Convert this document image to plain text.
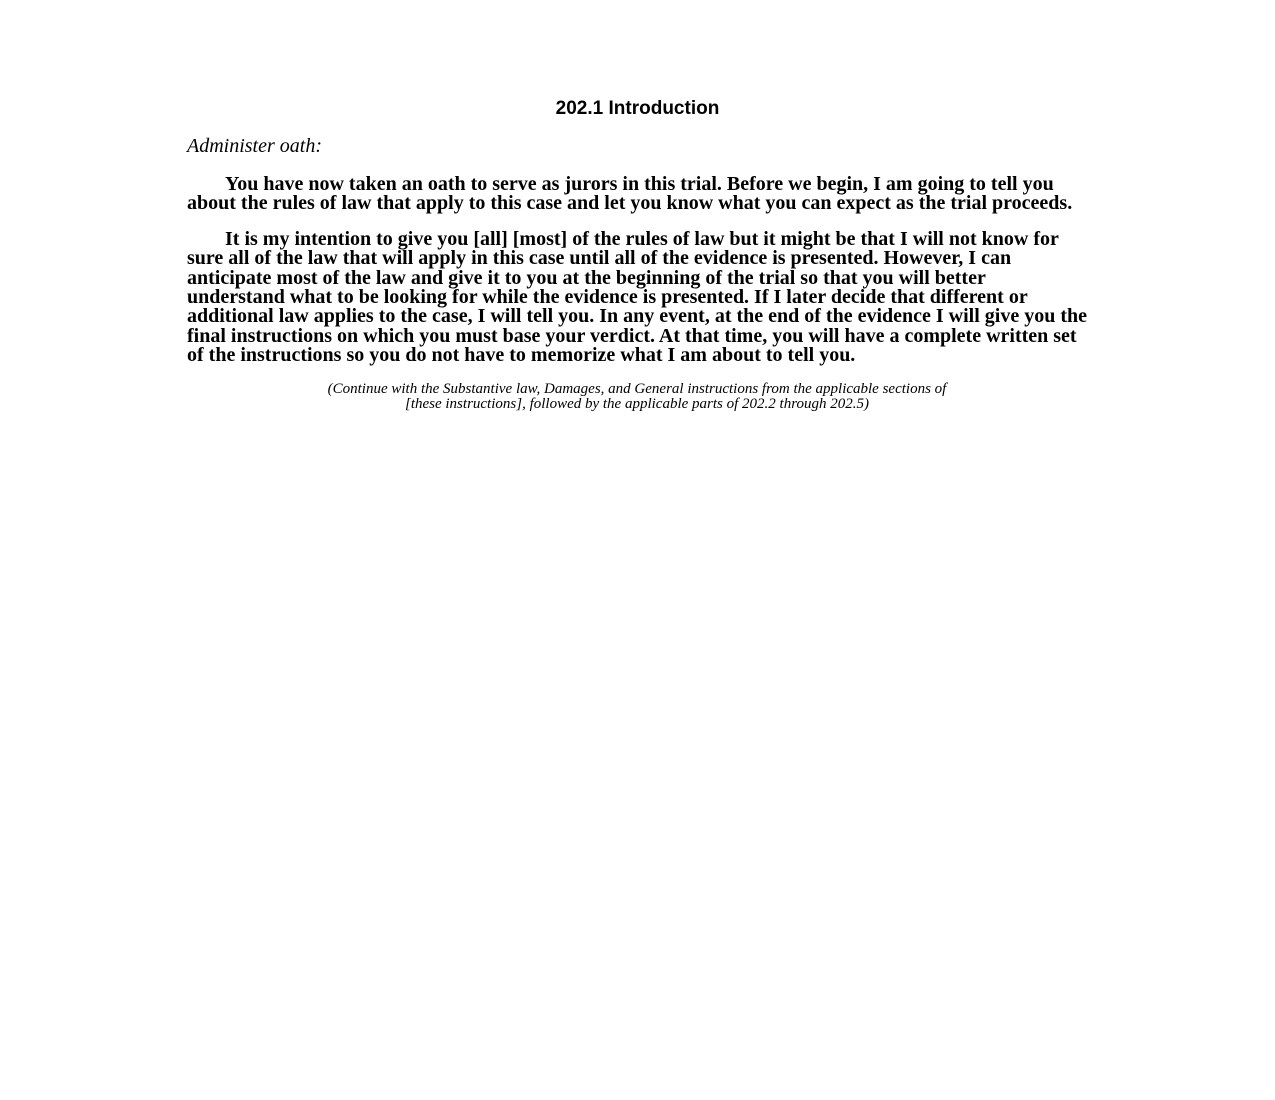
202.1 Introduction
Administer oath:

You have now taken an oath to serve as jurors in this trial. Before we begin, I am going to tell you about the rules of law that apply to this case and let you know what you can expect as the trial proceeds.

It is my intention to give you [all] [most] of the rules of law but it might be that I will not know for sure all of the law that will apply in this case until all of the evidence is presented. However, I can anticipate most of the law and give it to you at the beginning of the trial so that you will better understand what to be looking for while the evidence is presented. If I later decide that different or additional law applies to the case, I will tell you. In any event, at the end of the evidence I will give you the final instructions on which you must base your verdict. At that time, you will have a complete written set of the instructions so you do not have to memorize what I am about to tell you.

(Continue with the Substantive law, Damages, and General instructions from the applicable sections of
[these instructions], followed by the applicable parts of 202.2 through 202.5)
